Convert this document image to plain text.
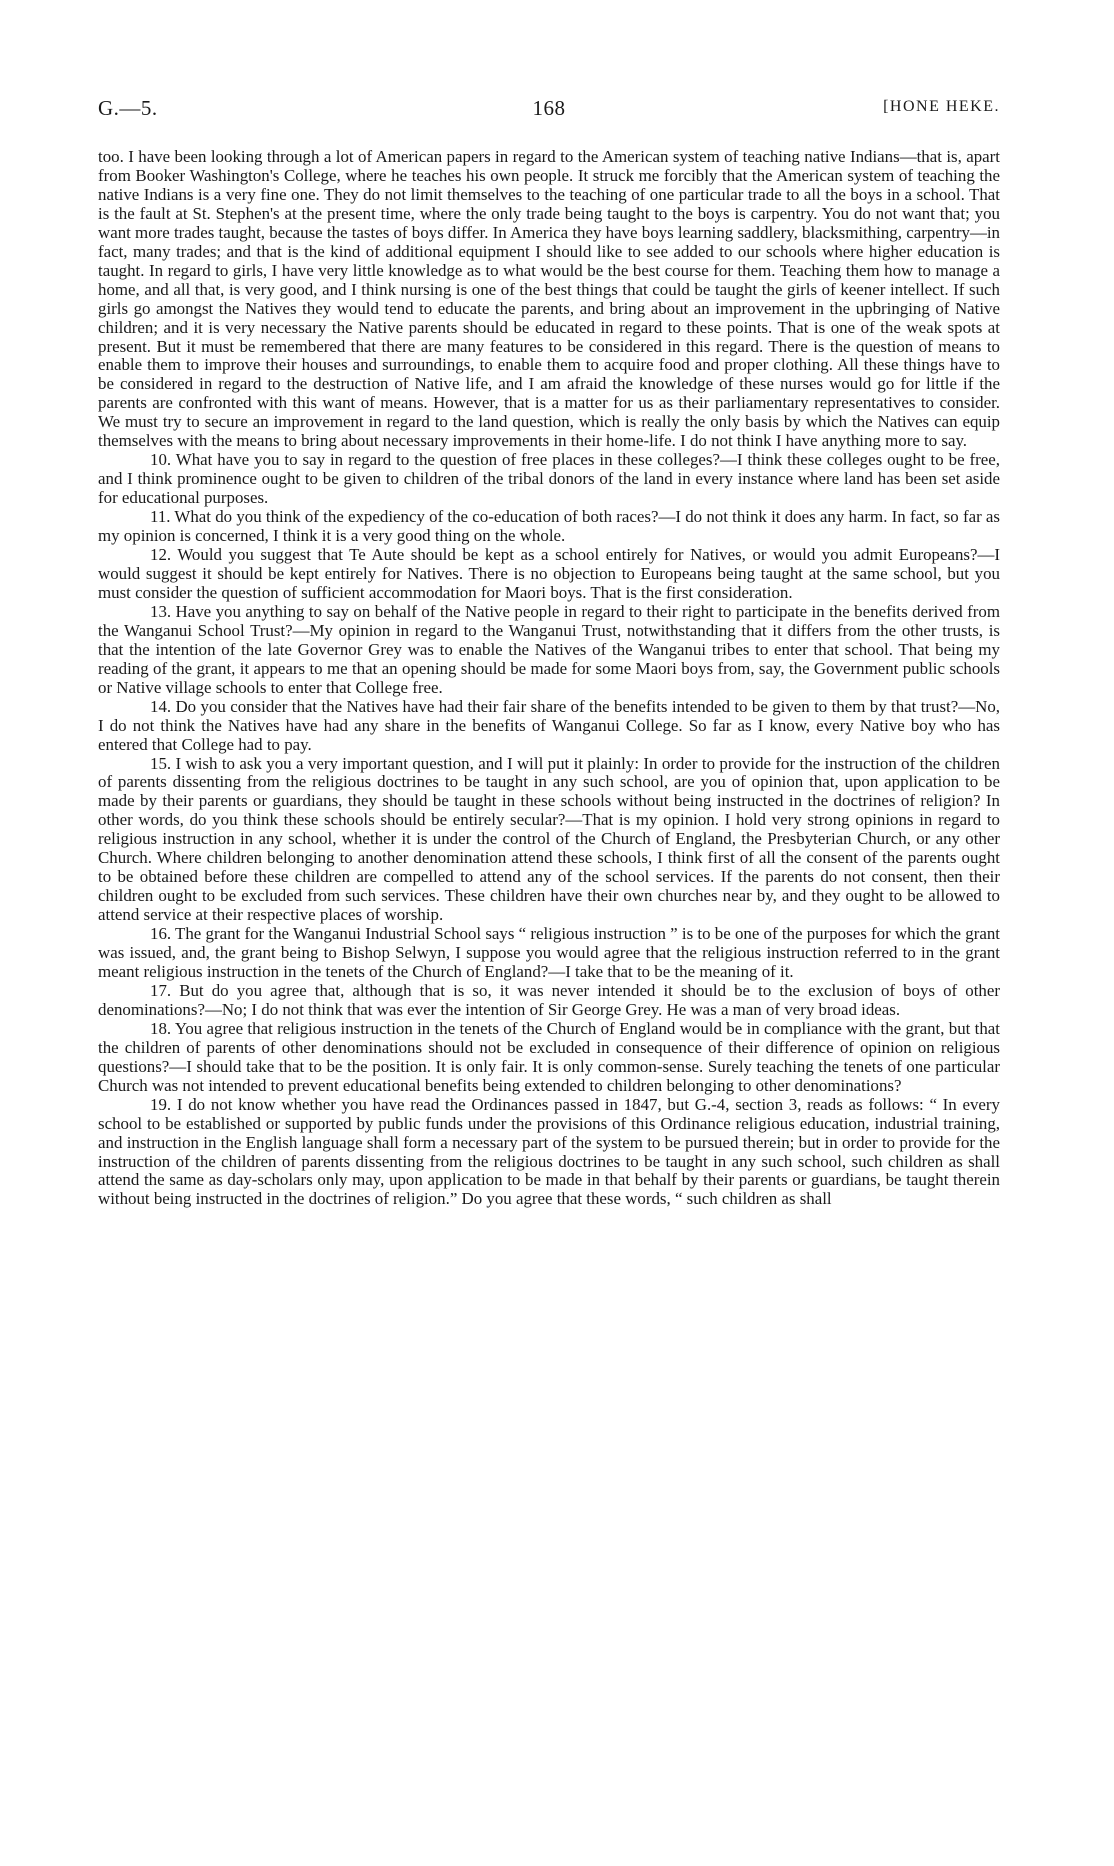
G.—5.	168	[HONE HEKE.

too. I have been looking through a lot of American papers in regard to the American system of teaching native Indians—that is, apart from Booker Washington's College, where he teaches his own people. It struck me forcibly that the American system of teaching the native Indians is a very fine one. They do not limit themselves to the teaching of one particular trade to all the boys in a school. That is the fault at St. Stephen's at the present time, where the only trade being taught to the boys is carpentry. You do not want that; you want more trades taught, because the tastes of boys differ. In America they have boys learning saddlery, blacksmithing, carpentry—in fact, many trades; and that is the kind of additional equipment I should like to see added to our schools where higher education is taught. In regard to girls, I have very little knowledge as to what would be the best course for them. Teaching them how to manage a home, and all that, is very good, and I think nursing is one of the best things that could be taught the girls of keener intellect. If such girls go amongst the Natives they would tend to educate the parents, and bring about an improvement in the upbringing of Native children; and it is very necessary the Native parents should be educated in regard to these points. That is one of the weak spots at present. But it must be remembered that there are many features to be considered in this regard. There is the question of means to enable them to improve their houses and surroundings, to enable them to acquire food and proper clothing. All these things have to be considered in regard to the destruction of Native life, and I am afraid the knowledge of these nurses would go for little if the parents are confronted with this want of means. However, that is a matter for us as their parliamentary representatives to consider. We must try to secure an improvement in regard to the land question, which is really the only basis by which the Natives can equip themselves with the means to bring about necessary improvements in their home-life. I do not think I have anything more to say.

10. What have you to say in regard to the question of free places in these colleges?—I think these colleges ought to be free, and I think prominence ought to be given to children of the tribal donors of the land in every instance where land has been set aside for educational purposes.

11. What do you think of the expediency of the co-education of both races?—I do not think it does any harm. In fact, so far as my opinion is concerned, I think it is a very good thing on the whole.

12. Would you suggest that Te Aute should be kept as a school entirely for Natives, or would you admit Europeans?—I would suggest it should be kept entirely for Natives. There is no objection to Europeans being taught at the same school, but you must consider the question of sufficient accommodation for Maori boys. That is the first consideration.

13. Have you anything to say on behalf of the Native people in regard to their right to participate in the benefits derived from the Wanganui School Trust?—My opinion in regard to the Wanganui Trust, notwithstanding that it differs from the other trusts, is that the intention of the late Governor Grey was to enable the Natives of the Wanganui tribes to enter that school. That being my reading of the grant, it appears to me that an opening should be made for some Maori boys from, say, the Government public schools or Native village schools to enter that College free.

14. Do you consider that the Natives have had their fair share of the benefits intended to be given to them by that trust?—No, I do not think the Natives have had any share in the benefits of Wanganui College. So far as I know, every Native boy who has entered that College had to pay.

15. I wish to ask you a very important question, and I will put it plainly: In order to provide for the instruction of the children of parents dissenting from the religious doctrines to be taught in any such school, are you of opinion that, upon application to be made by their parents or guardians, they should be taught in these schools without being instructed in the doctrines of religion? In other words, do you think these schools should be entirely secular?—That is my opinion. I hold very strong opinions in regard to religious instruction in any school, whether it is under the control of the Church of England, the Presbyterian Church, or any other Church. Where children belonging to another denomination attend these schools, I think first of all the consent of the parents ought to be obtained before these children are compelled to attend any of the school services. If the parents do not consent, then their children ought to be excluded from such services. These children have their own churches near by, and they ought to be allowed to attend service at their respective places of worship.

16. The grant for the Wanganui Industrial School says “ religious instruction ” is to be one of the purposes for which the grant was issued, and, the grant being to Bishop Selwyn, I suppose you would agree that the religious instruction referred to in the grant meant religious instruction in the tenets of the Church of England?—I take that to be the meaning of it.

17. But do you agree that, although that is so, it was never intended it should be to the exclusion of boys of other denominations?—No; I do not think that was ever the intention of Sir George Grey. He was a man of very broad ideas.

18. You agree that religious instruction in the tenets of the Church of England would be in compliance with the grant, but that the children of parents of other denominations should not be excluded in consequence of their difference of opinion on religious questions?—I should take that to be the position. It is only fair. It is only common-sense. Surely teaching the tenets of one particular Church was not intended to prevent educational benefits being extended to children belonging to other denominations?

19. I do not know whether you have read the Ordinances passed in 1847, but G.-4, section 3, reads as follows: “ In every school to be established or supported by public funds under the provisions of this Ordinance religious education, industrial training, and instruction in the English language shall form a necessary part of the system to be pursued therein; but in order to provide for the instruction of the children of parents dissenting from the religious doctrines to be taught in any such school, such children as shall attend the same as day-scholars only may, upon application to be made in that behalf by their parents or guardians, be taught therein without being instructed in the doctrines of religion.” Do you agree that these words, “ such children as shall
